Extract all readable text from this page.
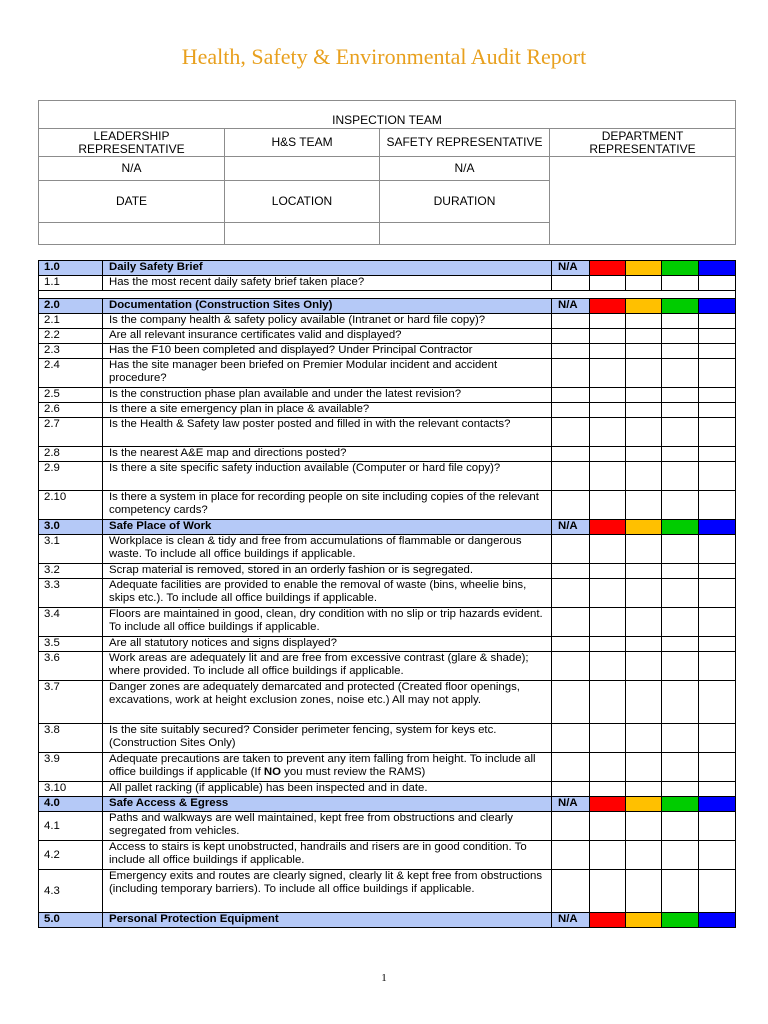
Health, Safety & Environmental Audit Report
INSPECTION TEAM			
LEADERSHIP REPRESENTATIVE	H&S TEAM	SAFETY REPRESENTATIVE	DEPARTMENT REPRESENTATIVE
N/A		N/A	
DATE	LOCATION	DURATION	

1.0	Daily Safety Brief	N/A				
1.1	Has the most recent daily safety brief taken place?					

2.0	Documentation (Construction Sites Only)	N/A				
2.1	Is the company health & safety policy available (Intranet or hard file copy)?					
2.2	Are all relevant insurance certificates valid and displayed?					
2.3	Has the F10 been completed and displayed? Under Principal Contractor					
2.4	Has the site manager been briefed on Premier Modular incident and accident procedure?					
2.5	Is the construction phase plan available and under the latest revision?					
2.6	Is there a site emergency plan in place & available?					
2.7	Is the Health & Safety law poster posted and filled in with the relevant contacts?					
2.8	Is the nearest A&E map and directions posted?					
2.9	Is there a site specific safety induction available (Computer or hard file copy)?					
2.10	Is there a system in place for recording people on site including copies of the relevant competency cards?					
3.0	Safe Place of Work	N/A				
3.1	Workplace is clean & tidy and free from accumulations of flammable or dangerous waste. To include all office buildings if applicable.					
3.2	Scrap material is removed, stored in an orderly fashion or is segregated.					
3.3	Adequate facilities are provided to enable the removal of waste (bins, wheelie bins, skips etc.). To include all office buildings if applicable.					
3.4	Floors are maintained in good, clean, dry condition with no slip or trip hazards evident. To include all office buildings if applicable.					
3.5	Are all statutory notices and signs displayed?					
3.6	Work areas are adequately lit and are free from excessive contrast (glare & shade); where provided. To include all office buildings if applicable.					
3.7	Danger zones are adequately demarcated and protected (Created floor openings, excavations, work at height exclusion zones, noise etc.) All may not apply.					
3.8	Is the site suitably secured? Consider perimeter fencing, system for keys etc. (Construction Sites Only)					
3.9	Adequate precautions are taken to prevent any item falling from height. To include all office buildings if applicable (If NO you must review the RAMS)					
3.10	All pallet racking (if applicable) has been inspected and in date.					
4.0	Safe Access & Egress	N/A				
4.1	Paths and walkways are well maintained, kept free from obstructions and clearly segregated from vehicles.					
4.2	Access to stairs is kept unobstructed, handrails and risers are in good condition. To include all office buildings if applicable.					
4.3	Emergency exits and routes are clearly signed, clearly lit & kept free from obstructions (including temporary barriers). To include all office buildings if applicable.					
5.0	Personal Protection Equipment	N/A				
1
